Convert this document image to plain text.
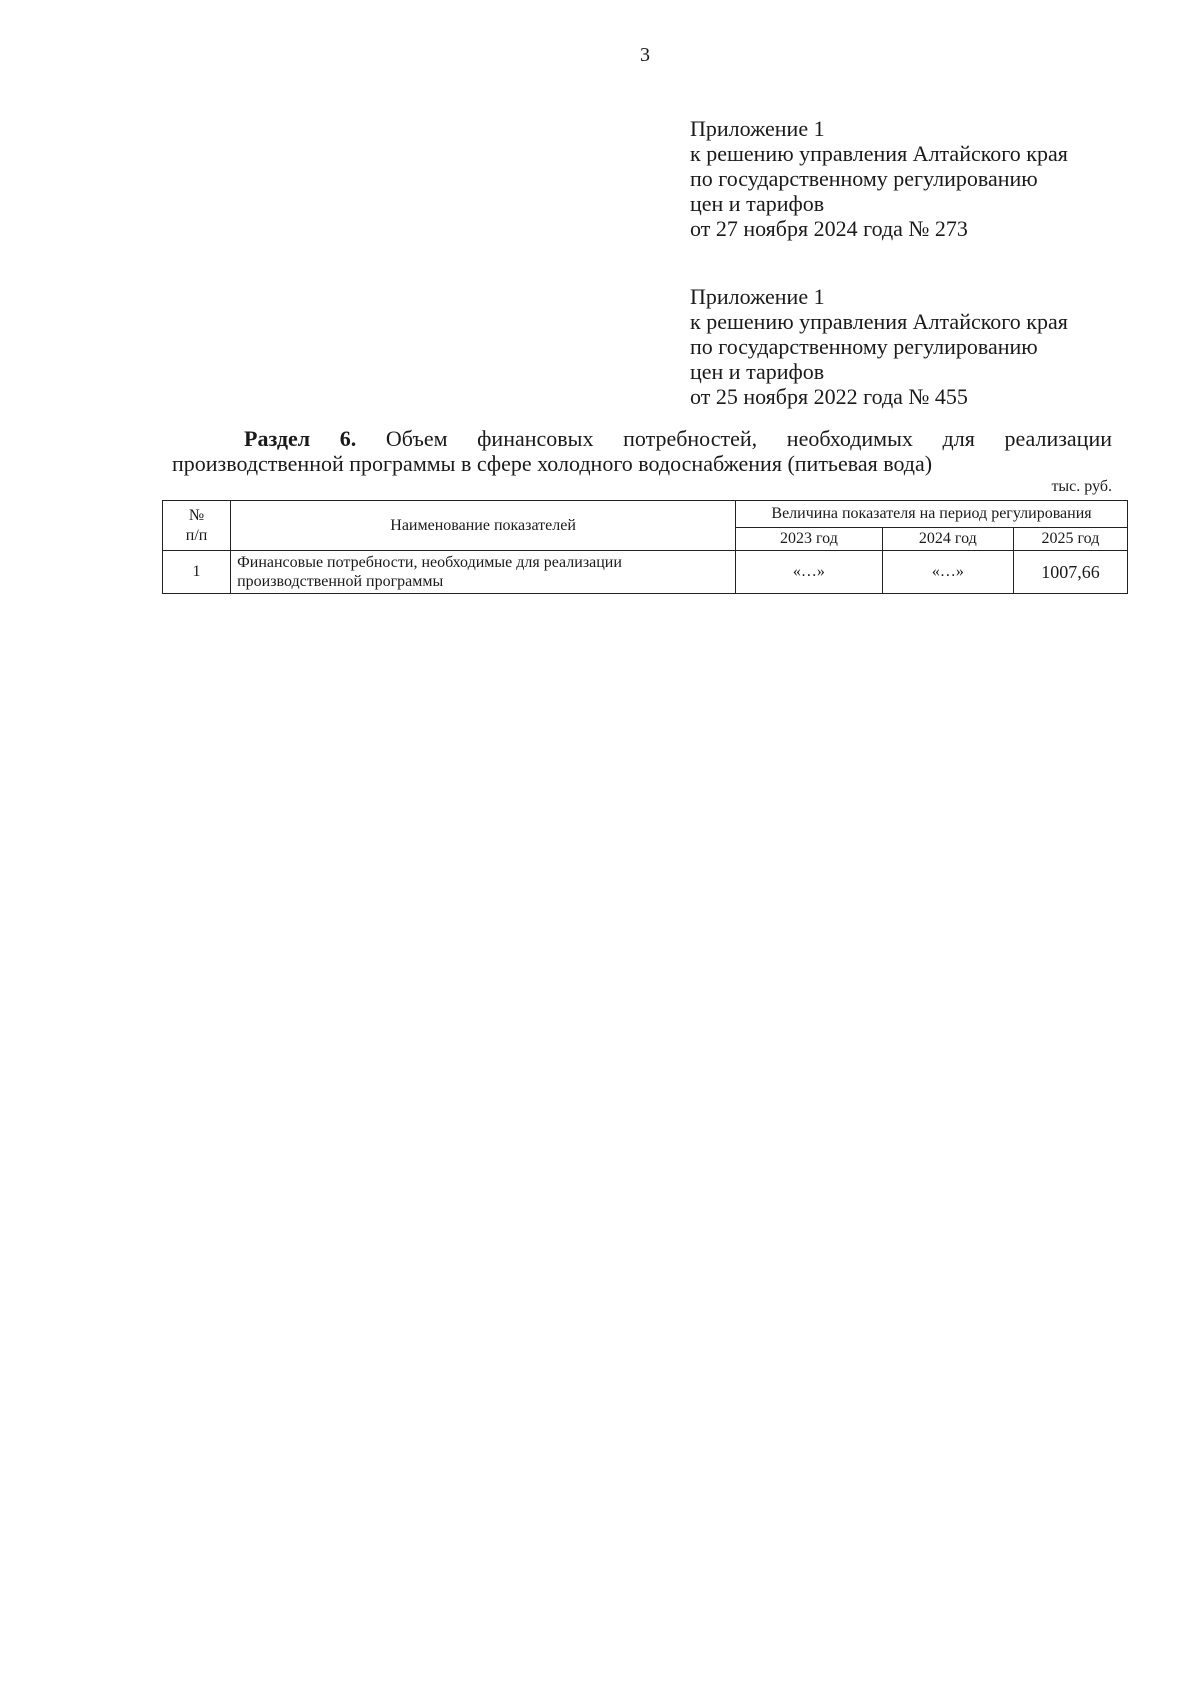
3
Приложение 1
к решению управления Алтайского края
по государственному регулированию
цен и тарифов
от 27 ноября 2024 года № 273
Приложение 1
к решению управления Алтайского края
по государственному регулированию
цен и тарифов
от 25 ноября 2022 года № 455
Раздел 6. Объем финансовых потребностей, необходимых для реализации
производственной программы в сфере холодного водоснабжения (питьевая вода)
тыс. руб.
№
п/п	Наименование показателей	Величина показателя на период регулирования		
		2023 год	2024 год	2025 год
1	Финансовые потребности, необходимые для реализации производственной программы	«…»	«…»	1007,66
